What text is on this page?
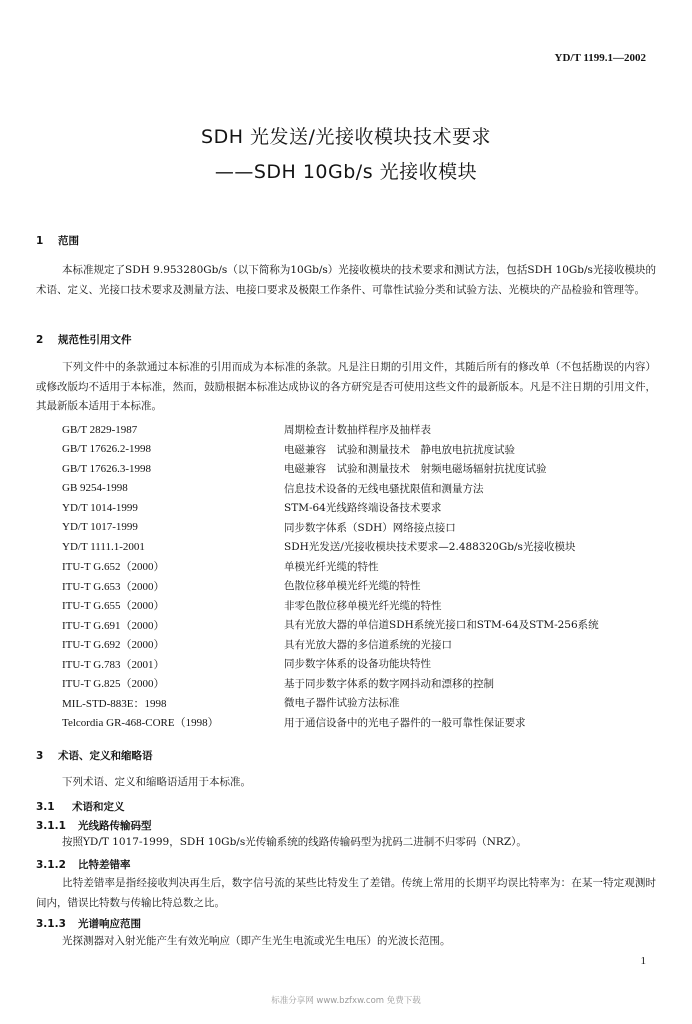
YD/T 1199.1—2002
SDH 光发送/光接收模块技术要求
——SDH 10Gb/s 光接收模块
1 范围
本标准规定了SDH 9.953280Gb/s（以下简称为10Gb/s）光接收模块的技术要求和测试方法，包括SDH 10Gb/s光接收模块的术语、定义、光接口技术要求及测量方法、电接口要求及极限工作条件、可靠性试验分类和试验方法、光模块的产品检验和管理等。
2 规范性引用文件
下列文件中的条款通过本标准的引用而成为本标准的条款。凡是注日期的引用文件，其随后所有的修改单（不包括勘误的内容）或修改版均不适用于本标准，然而，鼓励根据本标准达成协议的各方研究是否可使用这些文件的最新版本。凡是不注日期的引用文件，其最新版本适用于本标准。
GB/T 2829-1987	周期检查计数抽样程序及抽样表
GB/T 17626.2-1998	电磁兼容　试验和测量技术　静电放电抗扰度试验
GB/T 17626.3-1998	电磁兼容　试验和测量技术　射频电磁场辐射抗扰度试验
GB 9254-1998	信息技术设备的无线电骚扰限值和测量方法
YD/T 1014-1999	STM-64光线路终端设备技术要求
YD/T 1017-1999	同步数字体系（SDH）网络接点接口
YD/T 1111.1-2001	SDH光发送/光接收模块技术要求—2.488320Gb/s光接收模块
ITU-T G.652（2000）	单模光纤光缆的特性
ITU-T G.653（2000）	色散位移单模光纤光缆的特性
ITU-T G.655（2000）	非零色散位移单模光纤光缆的特性
ITU-T G.691（2000）	具有光放大器的单信道SDH系统光接口和STM-64及STM-256系统
ITU-T G.692（2000）	具有光放大器的多信道系统的光接口
ITU-T G.783（2001）	同步数字体系的设备功能块特性
ITU-T G.825（2000）	基于同步数字体系的数字网抖动和漂移的控制
MIL-STD-883E：1998	微电子器件试验方法标准
Telcordia GR-468-CORE（1998）	用于通信设备中的光电子器件的一般可靠性保证要求
3 术语、定义和缩略语
下列术语、定义和缩略语适用于本标准。
3.1 术语和定义
3.1.1 光线路传输码型
按照YD/T 1017-1999，SDH 10Gb/s光传输系统的线路传输码型为扰码二进制不归零码（NRZ）。
3.1.2 比特差错率
比特差错率是指经接收判决再生后，数字信号流的某些比特发生了差错。传统上常用的长期平均误比特率为：在某一特定观测时间内，错误比特数与传输比特总数之比。
3.1.3 光谱响应范围
光探测器对入射光能产生有效光响应（即产生光生电流或光生电压）的光波长范围。
1
标准分享网 www.bzfxw.com 免费下载
